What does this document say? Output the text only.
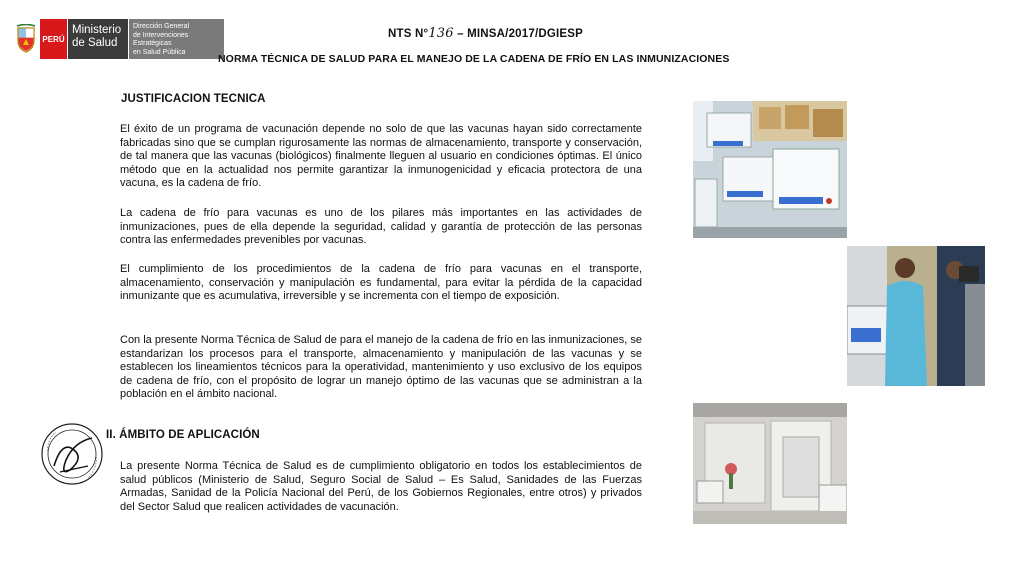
PERÚ
Ministerio de Salud
Dirección General
de Intervenciones Estratégicas
en Salud Pública
NTS N°136 – MINSA/2017/DGIESP
NORMA TÉCNICA DE SALUD PARA EL MANEJO DE LA CADENA DE FRÍO EN LAS INMUNIZACIONES
JUSTIFICACION TECNICA
El éxito de un programa de vacunación depende no solo de que las vacunas hayan sido correctamente fabricadas sino que se cumplan rigurosamente las normas de almacenamiento, transporte y conservación, de tal manera que las vacunas (biológicos) finalmente lleguen al usuario en condiciones óptimas. El único método que en la actualidad nos permite garantizar la inmunogenicidad y eficacia protectora de una vacuna, es la cadena de frío.
La cadena de frío para vacunas es uno de los pilares más importantes en las actividades de inmunizaciones, pues de ella depende la seguridad, calidad y garantía de protección de las personas contra las enfermedades prevenibles por vacunas.
El cumplimiento de los procedimientos de la cadena de frío para vacunas en el transporte, almacenamiento, conservación y manipulación es fundamental, para evitar la pérdida de la capacidad inmunizante que es acumulativa, irreversible y se incrementa con el tiempo de exposición.
Con la presente Norma Técnica de Salud de para el manejo de la cadena de frío en las inmunizaciones, se estandarizan los procesos para el transporte, almacenamiento y manipulación de las vacunas y se establecen los lineamientos técnicos para la operatividad, mantenimiento y uso exclusivo de los equipos de cadena de frío, con el propósito de lograr un manejo óptimo de las vacunas que se administran a la población en el ámbito nacional.
II. ÁMBITO DE APLICACIÓN
La presente Norma Técnica de Salud es de cumplimiento obligatorio en todos los establecimientos de salud públicos (Ministerio de Salud, Seguro Social de Salud – Es Salud, Sanidades de las Fuerzas Armadas, Sanidad de la Policía Nacional del Perú, de los Gobiernos Regionales, entre otros) y privados del Sector Salud que realicen actividades de vacunación.
